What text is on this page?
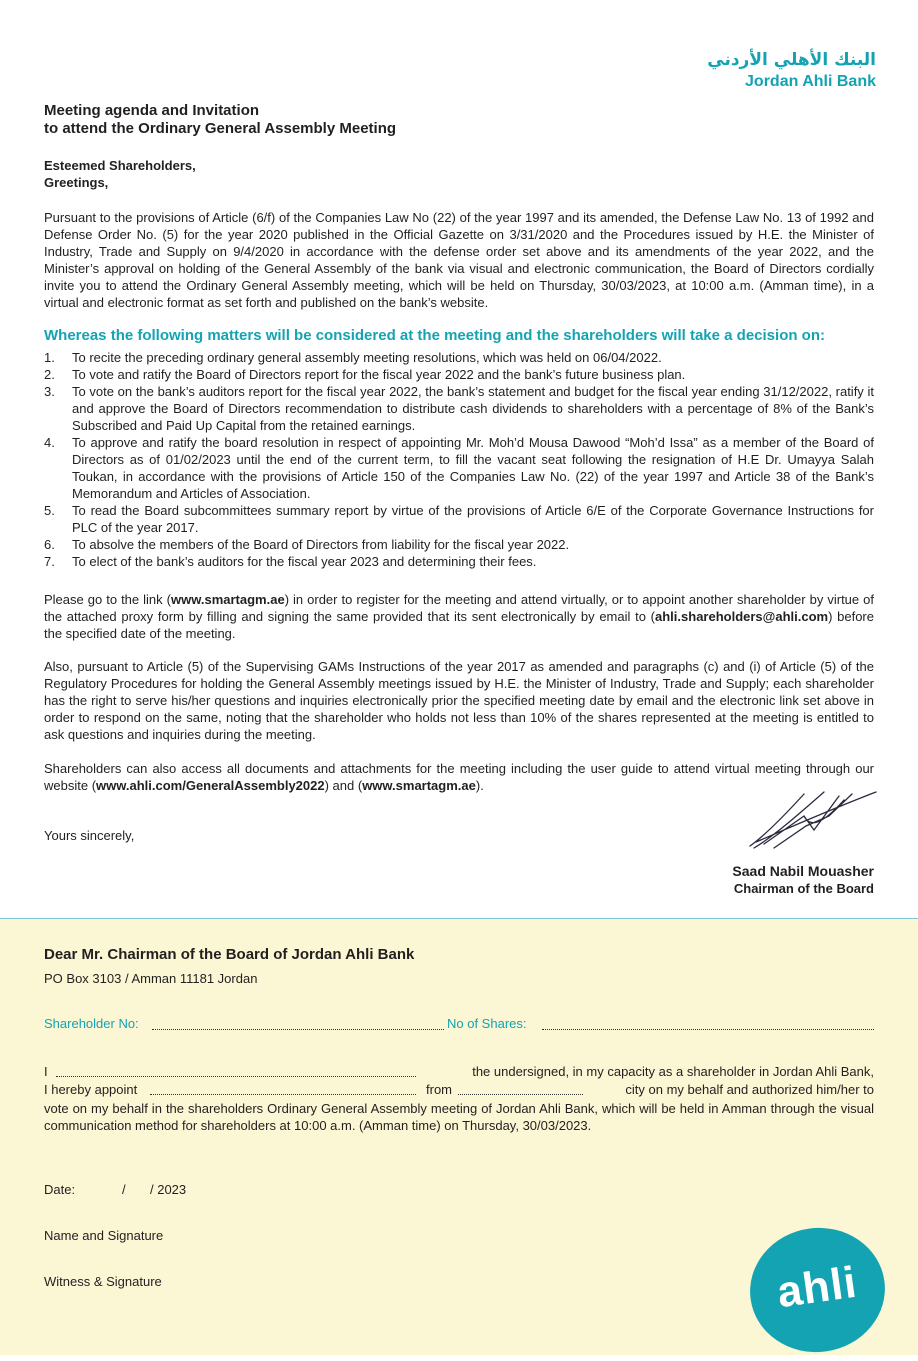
البنك الأهلي الأردني
Jordan Ahli Bank
Meeting agenda and Invitation
to attend the Ordinary General Assembly Meeting
Esteemed Shareholders,
Greetings,
Pursuant to the provisions of Article (6/f) of the Companies Law No (22) of the year 1997 and its amended, the Defense Law No. 13 of 1992 and Defense Order No. (5) for the year 2020 published in the Official Gazette on 3/31/2020 and the Procedures issued by H.E. the Minister of Industry, Trade and Supply on 9/4/2020 in accordance with the defense order set above and its amendments of the year 2022, and the Minister’s approval on holding of the General Assembly of the bank via visual and electronic communication, the Board of Directors cordially invite you to attend the Ordinary General Assembly meeting, which will be held on Thursday, 30/03/2023, at 10:00 a.m. (Amman time), in a virtual and electronic format as set forth and published on the bank’s website.
Whereas the following matters will be considered at the meeting and the shareholders will take a decision on:
1.	To recite the preceding ordinary general assembly meeting resolutions, which was held on 06/04/2022.
2.	To vote and ratify the Board of Directors report for the fiscal year 2022 and the bank’s future business plan.
3.	To vote on the bank’s auditors report for the fiscal year 2022, the bank’s statement and budget for the fiscal year ending 31/12/2022, ratify it and approve the Board of Directors recommendation to distribute cash dividends to shareholders with a percentage of 8% of the Bank’s Subscribed and Paid Up Capital from the retained earnings.
4.	To approve and ratify the board resolution in respect of appointing Mr. Moh’d Mousa Dawood “Moh’d Issa” as a member of the Board of Directors as of 01/02/2023 until the end of the current term, to fill the vacant seat following the resignation of H.E Dr. Umayya Salah Toukan, in accordance with the provisions of Article 150 of the Companies Law No. (22) of the year 1997 and Article 38 of the Bank’s Memorandum and Articles of Association.
5.	To read the Board subcommittees summary report by virtue of the provisions of Article 6/E of the Corporate Governance Instructions for PLC of the year 2017.
6.	To absolve the members of the Board of Directors from liability for the fiscal year 2022.
7.	To elect of the bank’s auditors for the fiscal year 2023 and determining their fees.
Please go to the link (www.smartagm.ae) in order to register for the meeting and attend virtually, or to appoint another shareholder by virtue of the attached proxy form by filling and signing the same provided that its sent electronically by email to (ahli.shareholders@ahli.com) before the specified date of the meeting.
Also, pursuant to Article (5) of the Supervising GAMs Instructions of the year 2017 as amended and paragraphs (c) and (i) of Article (5) of the Regulatory Procedures for holding the General Assembly meetings issued by H.E. the Minister of Industry, Trade and Supply; each shareholder has the right to serve his/her questions and inquiries electronically prior the specified meeting date by email and the electronic link set above in order to respond on the same, noting that the shareholder who holds not less than 10% of the shares represented at the meeting is entitled to ask questions and inquiries during the meeting.
Shareholders can also access all documents and attachments for the meeting including the user guide to attend virtual meeting through our website (www.ahli.com/GeneralAssembly2022) and (www.smartagm.ae).
Yours sincerely,
Saad Nabil Mouasher
Chairman of the Board
Dear Mr. Chairman of the Board of Jordan Ahli Bank
PO Box 3103 / Amman 11181 Jordan
Shareholder No:	No of Shares:
I	the undersigned, in my capacity as a shareholder in Jordan Ahli Bank,
I hereby appoint	from	city on my behalf and authorized him/her to
vote on my behalf in the shareholders Ordinary General Assembly meeting of Jordan Ahli Bank, which will be held in Amman through the visual communication method for shareholders at 10:00 a.m. (Amman time) on Thursday, 30/03/2023.
Date:	/ / 2023
Name and Signature
Witness & Signature	ahli
